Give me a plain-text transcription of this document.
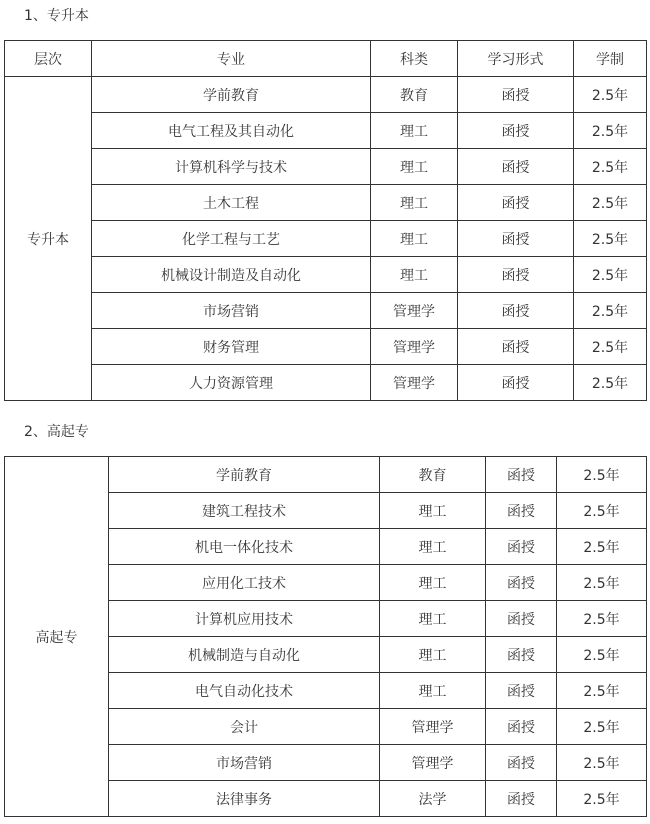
1、专升本
层次	专业	科类	学习形式	学制
专升本	学前教育	教育	函授	2.5年
	电气工程及其自动化	理工	函授	2.5年
	计算机科学与技术	理工	函授	2.5年
	土木工程	理工	函授	2.5年
	化学工程与工艺	理工	函授	2.5年
	机械设计制造及自动化	理工	函授	2.5年
	市场营销	管理学	函授	2.5年
	财务管理	管理学	函授	2.5年
	人力资源管理	管理学	函授	2.5年
2、高起专
高起专	学前教育	教育	函授	2.5年
	建筑工程技术	理工	函授	2.5年
	机电一体化技术	理工	函授	2.5年
	应用化工技术	理工	函授	2.5年
	计算机应用技术	理工	函授	2.5年
	机械制造与自动化	理工	函授	2.5年
	电气自动化技术	理工	函授	2.5年
	会计	管理学	函授	2.5年
	市场营销	管理学	函授	2.5年
	法律事务	法学	函授	2.5年
